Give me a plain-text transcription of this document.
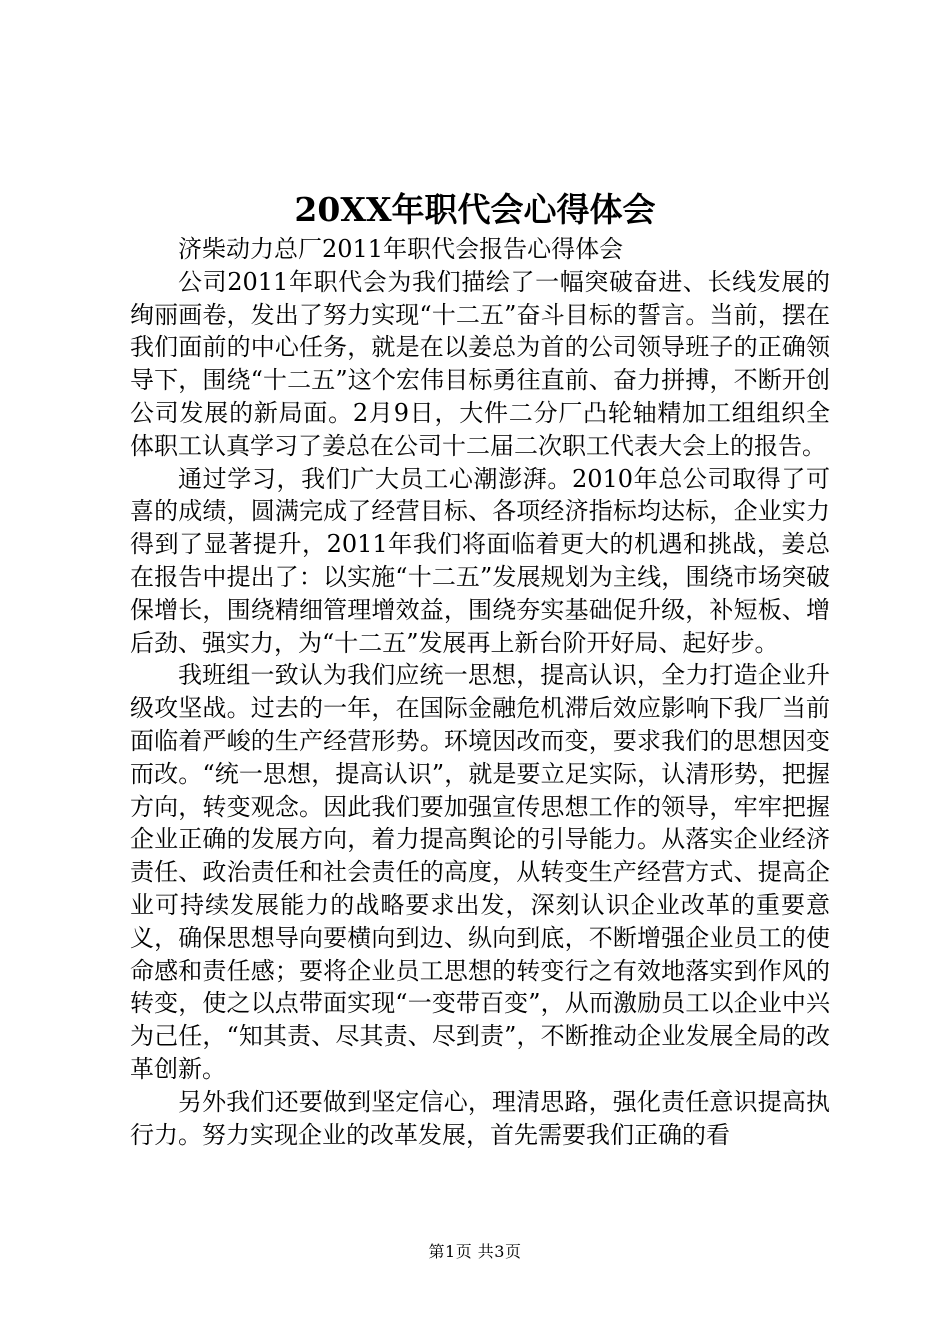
20XX年职代会心得体会

济柴动力总厂2011年职代会报告心得体会

公司2011年职代会为我们描绘了一幅突破奋进、长线发展的绚丽画卷，发出了努力实现“十二五”奋斗目标的誓言。当前，摆在我们面前的中心任务，就是在以姜总为首的公司领导班子的正确领导下，围绕“十二五”这个宏伟目标勇往直前、奋力拼搏，不断开创公司发展的新局面。2月9日，大件二分厂凸轮轴精加工组组织全体职工认真学习了姜总在公司十二届二次职工代表大会上的报告。

通过学习，我们广大员工心潮澎湃。2010年总公司取得了可喜的成绩，圆满完成了经营目标、各项经济指标均达标，企业实力得到了显著提升，2011年我们将面临着更大的机遇和挑战，姜总在报告中提出了：以实施“十二五”发展规划为主线，围绕市场突破保增长，围绕精细管理增效益，围绕夯实基础促升级，补短板、增后劲、强实力，为“十二五”发展再上新台阶开好局、起好步。

我班组一致认为我们应统一思想，提高认识，全力打造企业升级攻坚战。过去的一年，在国际金融危机滞后效应影响下我厂当前面临着严峻的生产经营形势。环境因改而变，要求我们的思想因变而改。“统一思想，提高认识”，就是要立足实际，认清形势，把握方向，转变观念。因此我们要加强宣传思想工作的领导，牢牢把握企业正确的发展方向，着力提高舆论的引导能力。从落实企业经济责任、政治责任和社会责任的高度，从转变生产经营方式、提高企业可持续发展能力的战略要求出发，深刻认识企业改革的重要意义，确保思想导向要横向到边、纵向到底，不断增强企业员工的使命感和责任感；要将企业员工思想的转变行之有效地落实到作风的转变，使之以点带面实现“一变带百变”，从而激励员工以企业中兴为己任，“知其责、尽其责、尽到责”，不断推动企业发展全局的改革创新。

另外我们还要做到坚定信心，理清思路，强化责任意识提高执行力。努力实现企业的改革发展，首先需要我们正确的看

第1页 共3页
